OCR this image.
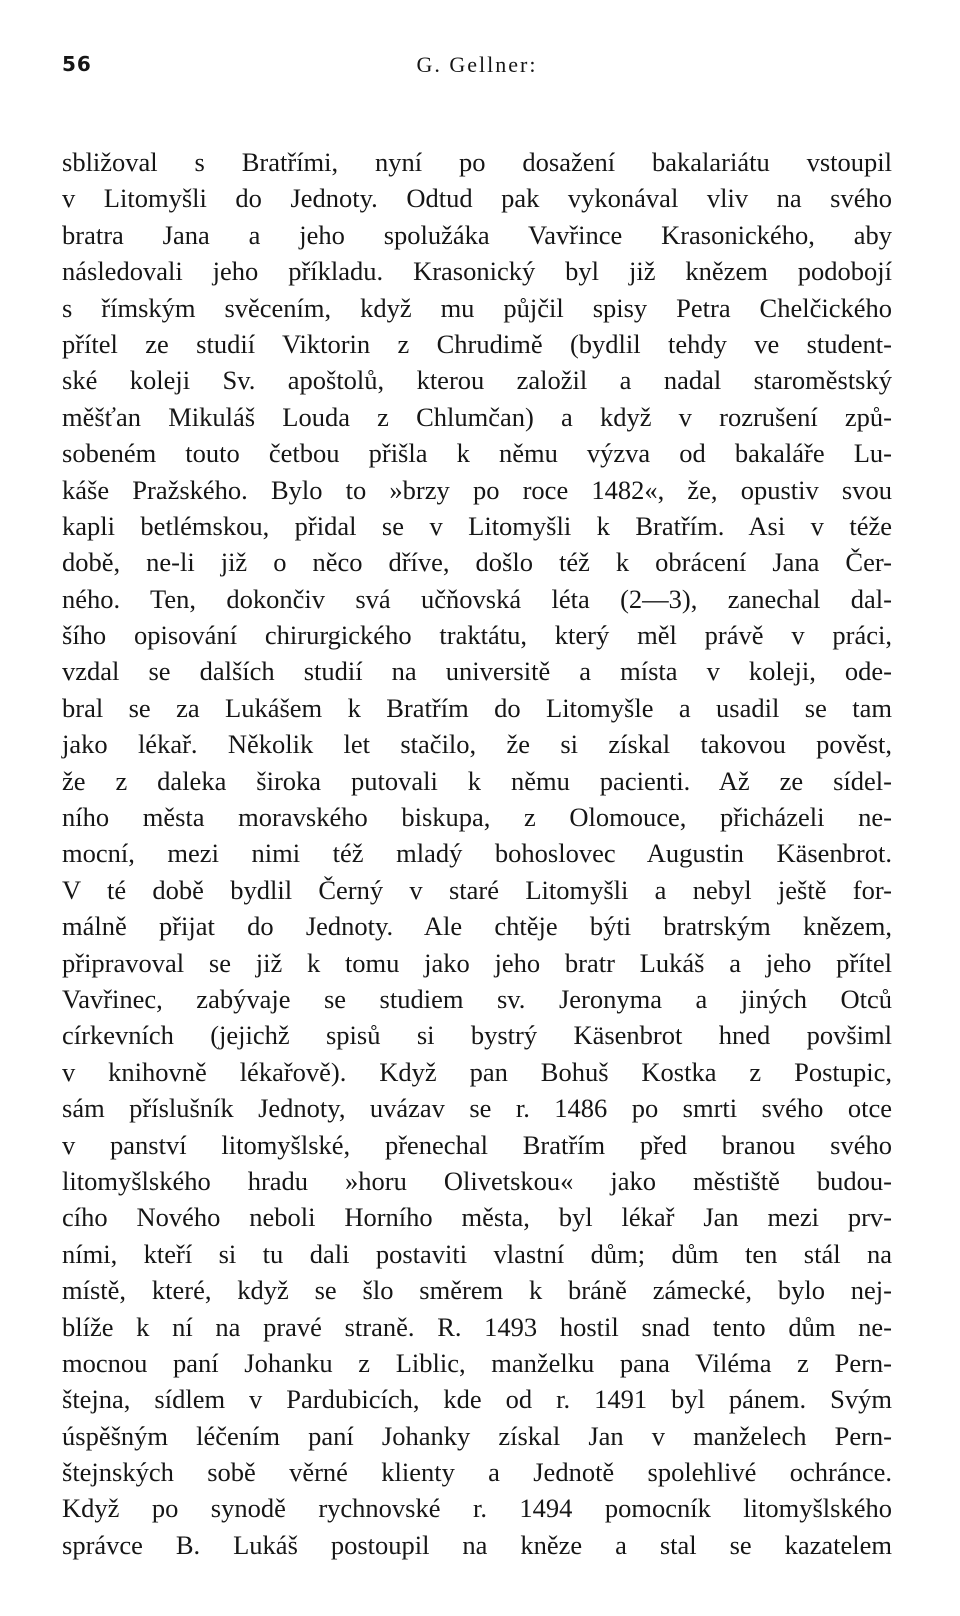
56	G. Gellner:
sbližoval s Bratřími, nyní po dosažení bakalariátu vstoupil
v Litomyšli do Jednoty. Odtud pak vykonával vliv na svého
bratra Jana a jeho spolužáka Vavřince Krasonického, aby
následovali jeho příkladu. Krasonický byl již knězem podobojí
s římským svěcením, když mu půjčil spisy Petra Chelčického
přítel ze studií Viktorin z Chrudimě (bydlil tehdy ve student-
ské koleji Sv. apoštolů, kterou založil a nadal staroměstský
měšťan Mikuláš Louda z Chlumčan) a když v rozrušení způ-
sobeném touto četbou přišla k němu výzva od bakaláře Lu-
káše Pražského. Bylo to »brzy po roce 1482«, že, opustiv svou
kapli betlémskou, přidal se v Litomyšli k Bratřím. Asi v téže
době, ne-li již o něco dříve, došlo též k obrácení Jana Čer-
ného. Ten, dokončiv svá učňovská léta (2—3), zanechal dal-
šího opisování chirurgického traktátu, který měl právě v práci,
vzdal se dalších studií na universitě a místa v koleji, ode-
bral se za Lukášem k Bratřím do Litomyšle a usadil se tam
jako lékař. Několik let stačilo, že si získal takovou pověst,
že z daleka široka putovali k němu pacienti. Až ze sídel-
ního města moravského biskupa, z Olomouce, přicházeli ne-
mocní, mezi nimi též mladý bohoslovec Augustin Käsenbrot.
V té době bydlil Černý v staré Litomyšli a nebyl ještě for-
málně přijat do Jednoty. Ale chtěje býti bratrským knězem,
připravoval se již k tomu jako jeho bratr Lukáš a jeho přítel
Vavřinec, zabývaje se studiem sv. Jeronyma a jiných Otců
církevních (jejichž spisů si bystrý Käsenbrot hned povšiml
v knihovně lékařově). Když pan Bohuš Kostka z Postupic,
sám příslušník Jednoty, uvázav se r. 1486 po smrti svého otce
v panství litomyšlské, přenechal Bratřím před branou svého
litomyšlského hradu »horu Olivetskou« jako městiště budou-
cího Nového neboli Horního města, byl lékař Jan mezi prv-
ními, kteří si tu dali postaviti vlastní dům; dům ten stál na
místě, které, když se šlo směrem k bráně zámecké, bylo nej-
blíže k ní na pravé straně. R. 1493 hostil snad tento dům ne-
mocnou paní Johanku z Liblic, manželku pana Viléma z Pern-
štejna, sídlem v Pardubicích, kde od r. 1491 byl pánem. Svým
úspěšným léčením paní Johanky získal Jan v manželech Pern-
štejnských sobě věrné klienty a Jednotě spolehlivé ochránce.
Když po synodě rychnovské r. 1494 pomocník litomyšlského
správce B. Lukáš postoupil na kněze a stal se kazatelem
